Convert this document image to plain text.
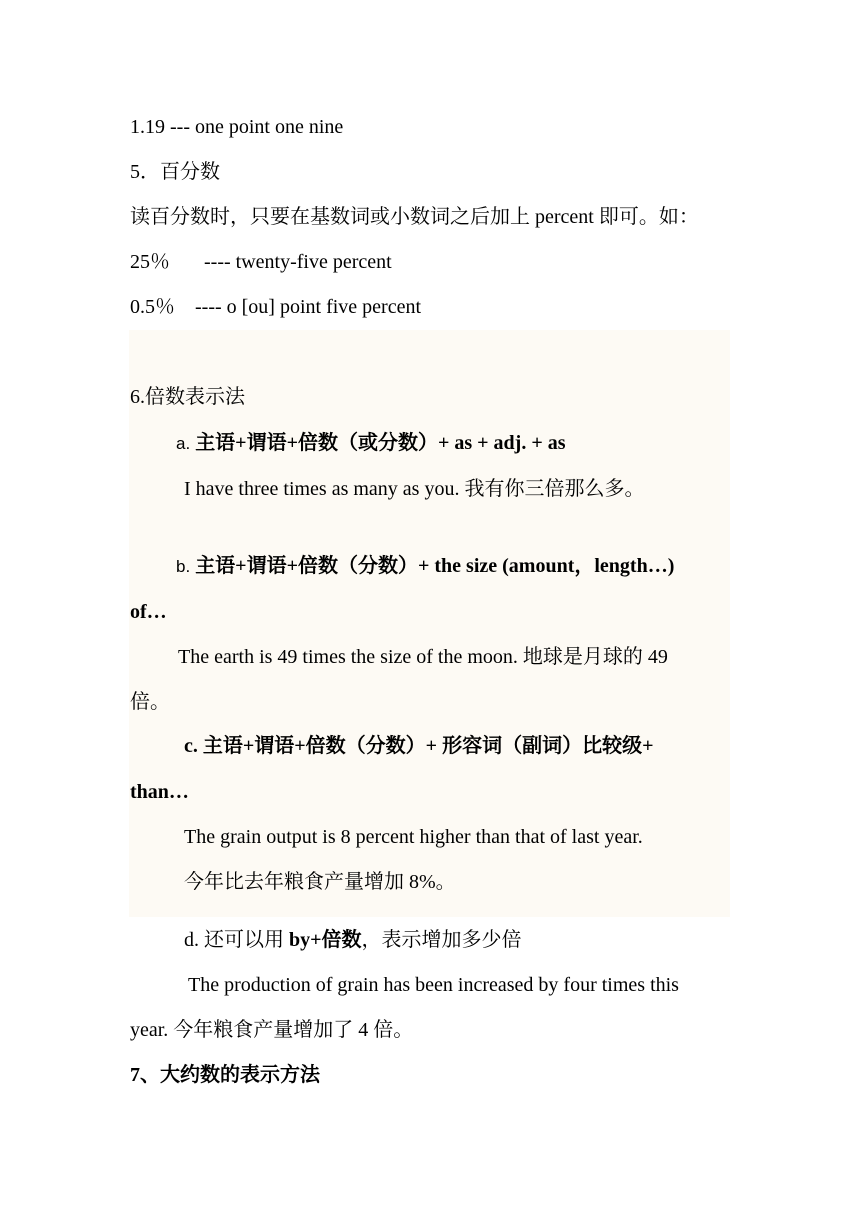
1.19 --- one point one nine
5．百分数
读百分数时，只要在基数词或小数词之后加上 percent 即可。如：
25％ ---- twenty-five percent
0.5％ ---- o [ou] point five percent
6.倍数表示法
a. 主语+谓语+倍数（或分数）+ as + adj. + as
I have three times as many as you. 我有你三倍那么多。
b. 主语+谓语+倍数（分数）+ the size (amount，length…)
of…
The earth is 49 times the size of the moon. 地球是月球的 49
倍。
c. 主语+谓语+倍数（分数）+ 形容词（副词）比较级+
than…
The grain output is 8 percent higher than that of last year.
今年比去年粮食产量增加 8%。
d. 还可以用 by+倍数，表示增加多少倍
The production of grain has been increased by four times this
year. 今年粮食产量增加了 4 倍。
7、大约数的表示方法
